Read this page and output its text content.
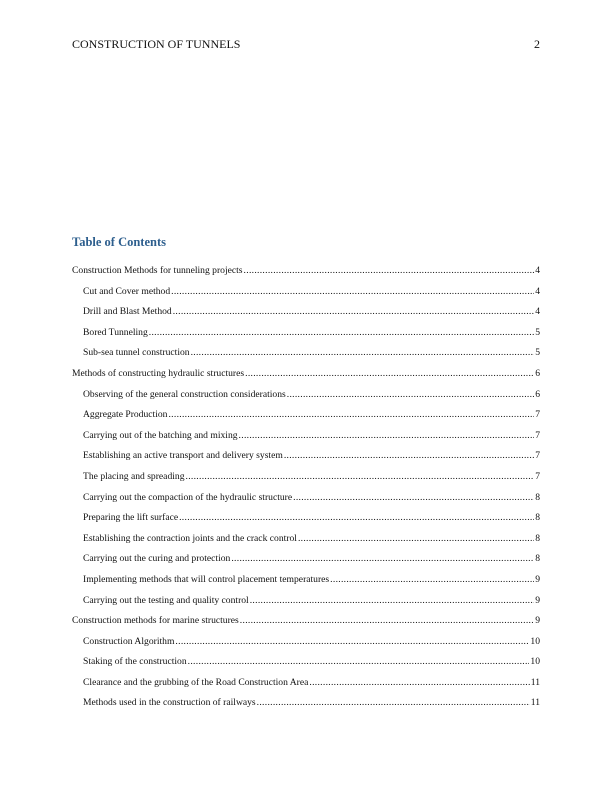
CONSTRUCTION OF TUNNELS	2
Table of Contents
Construction Methods for tunneling projects .....	4
Cut and Cover method .....	4
Drill and Blast Method .....	4
Bored Tunneling .....	5
Sub-sea tunnel construction .....	5
Methods of constructing hydraulic structures .....	6
Observing of the general construction considerations .....	6
Aggregate Production .....	7
Carrying out of the batching and mixing .....	7
Establishing an active transport and delivery system .....	7
The placing and spreading .....	7
Carrying out the compaction of the hydraulic structure .....	8
Preparing the lift surface .....	8
Establishing the contraction joints and the crack control .....	8
Carrying out the curing and protection .....	8
Implementing methods that will control placement temperatures .....	9
Carrying out the testing and quality control .....	9
Construction methods for marine structures .....	9
Construction Algorithm .....	10
Staking of the construction .....	10
Clearance and the grubbing of the Road Construction Area .....	11
Methods used in the construction of railways .....	11
